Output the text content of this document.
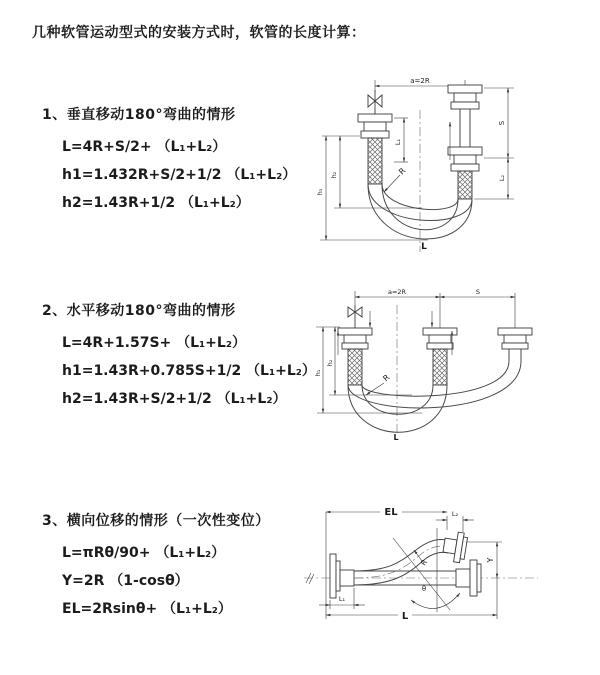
几种软管运动型式的安装方式时，软管的长度计算：
1、垂直移动180°弯曲的情形

L=4R+S/2+ （L₁+L₂）

h1=1.432R+S/2+1/2 （L₁+L₂）

h2=1.43R+1/2 （L₁+L₂）

2、水平移动180°弯曲的情形

L=4R+1.57S+ （L₁+L₂）

h1=1.43R+0.785S+1/2 （L₁+L₂）

h2=1.43R+S/2+1/2 （L₁+L₂）

3、横向位移的情形（一次性变位）

L=πRθ/90+ （L₁+L₂）

Y=2R （1-cosθ）

EL=2Rsinθ+ （L₁+L₂）

a=2R
L₁
S
L₂
R
L
h₁
h₂
a=2R	S
R
h₁
h₂
L
EL	L₂
Y
θ
R
L
L₁
